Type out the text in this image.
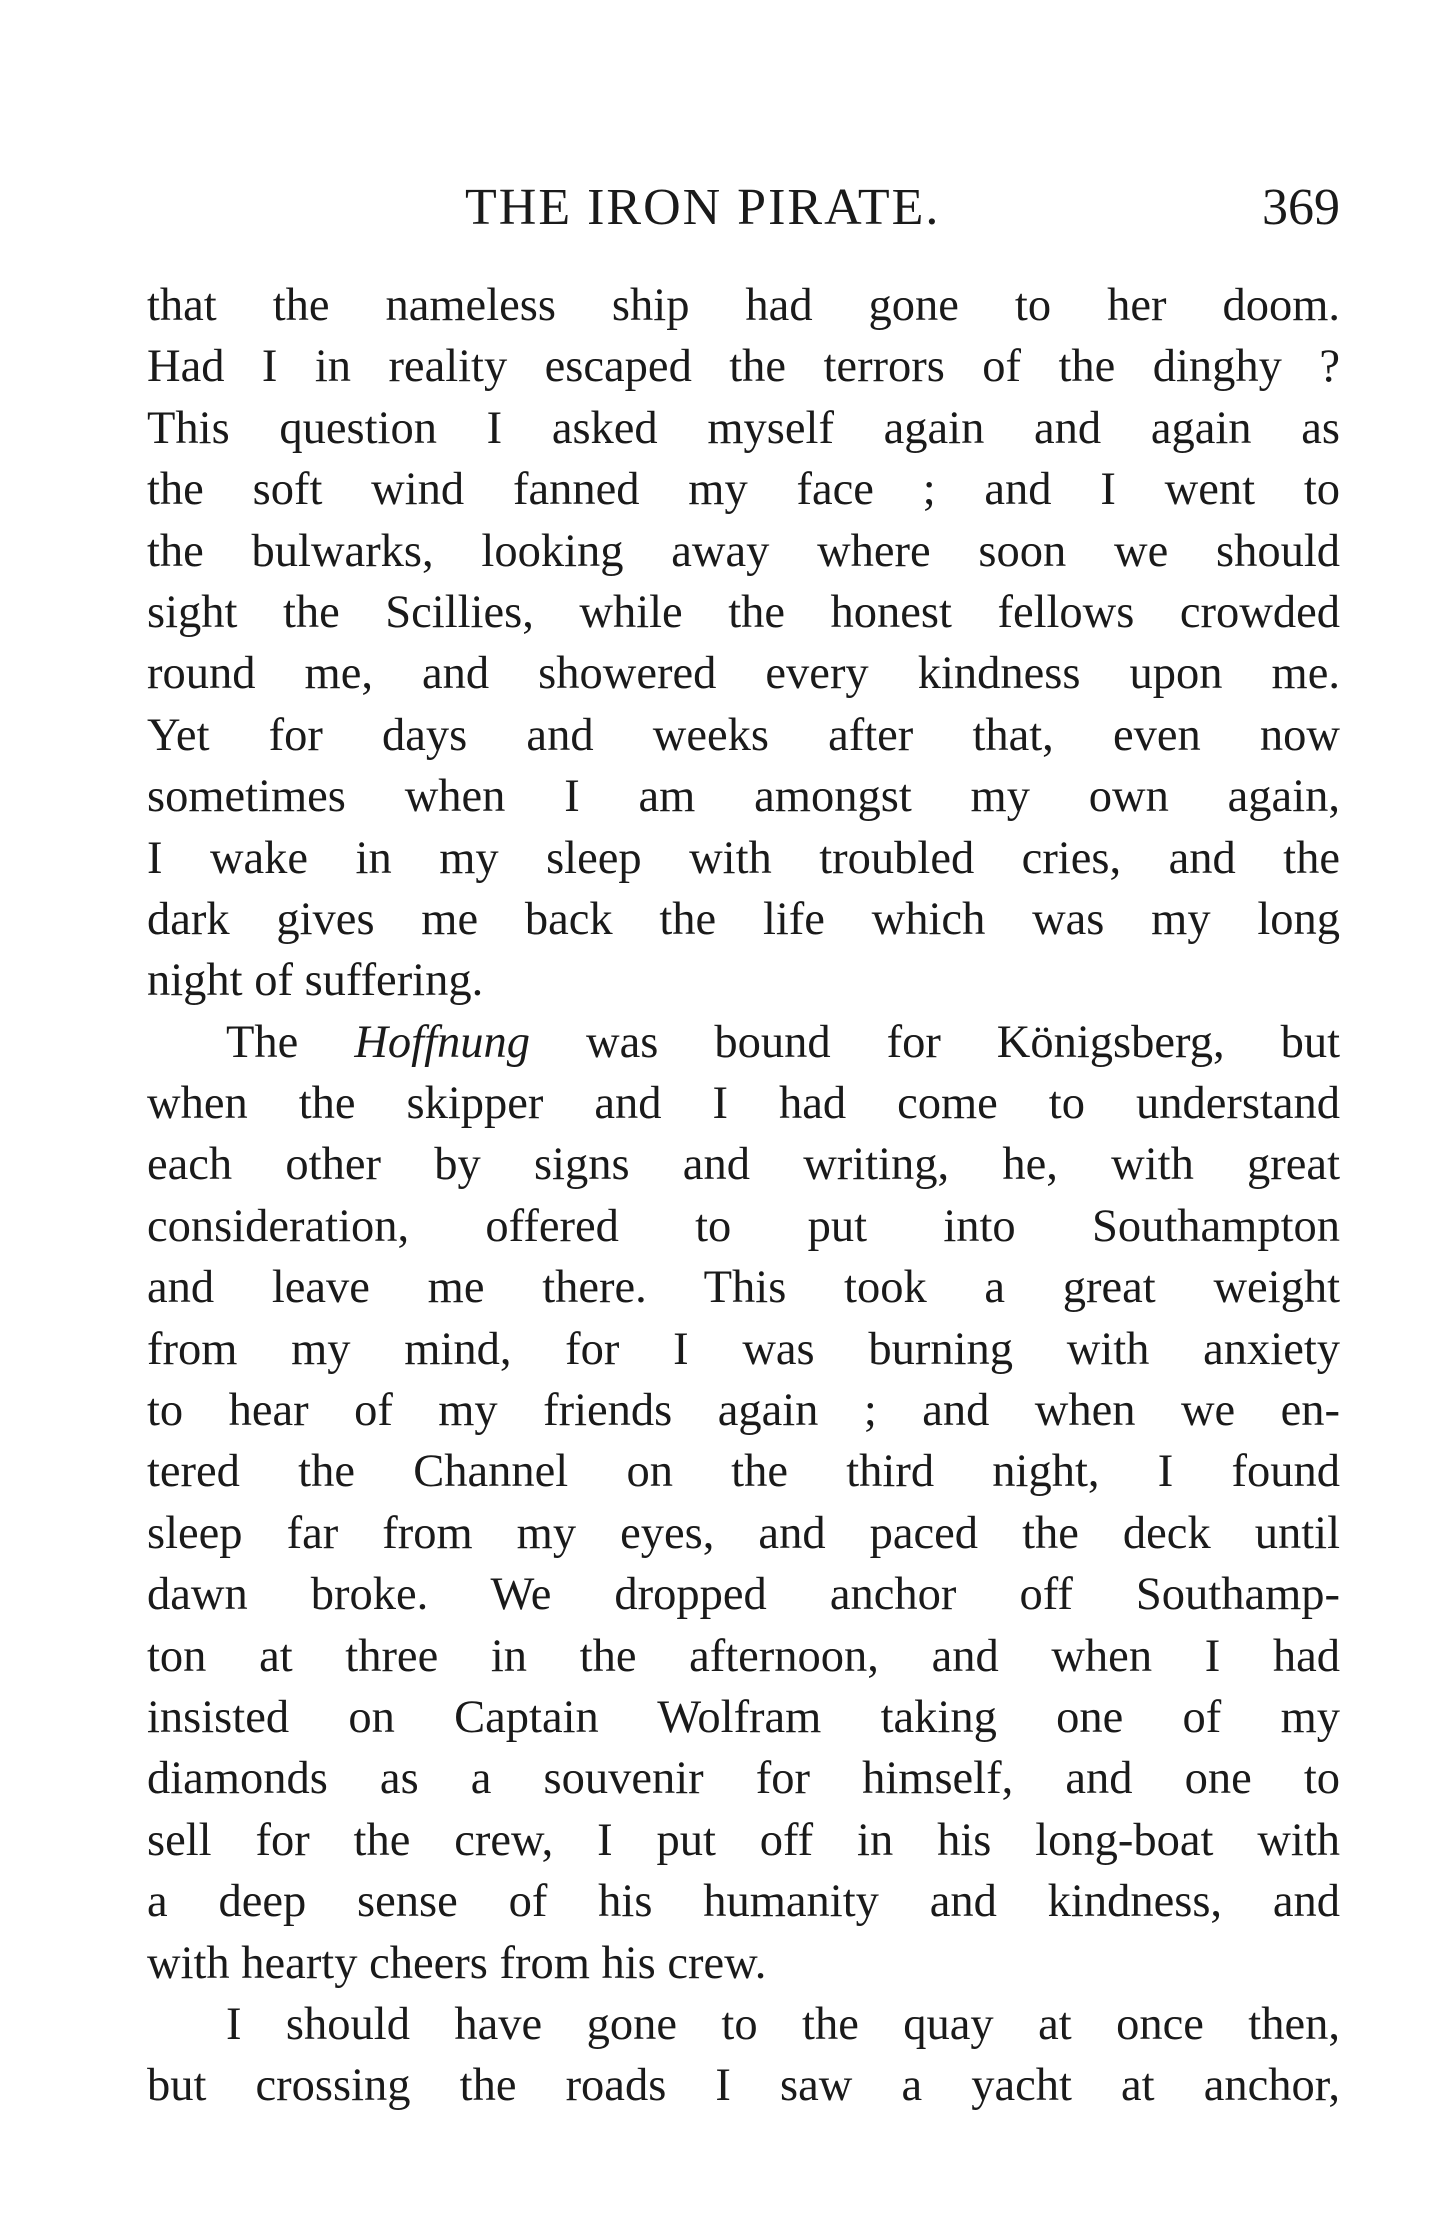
THE IRON PIRATE.	369
that the nameless ship had gone to her doom.
Had I in reality escaped the terrors of the dinghy ?
This question I asked myself again and again as
the soft wind fanned my face ; and I went to
the bulwarks, looking away where soon we should
sight the Scillies, while the honest fellows crowded
round me, and showered every kindness upon me.
Yet for days and weeks after that, even now
sometimes when I am amongst my own again,
I wake in my sleep with troubled cries, and the
dark gives me back the life which was my long
night of suffering.
The Hoffnung was bound for Königsberg, but
when the skipper and I had come to understand
each other by signs and writing, he, with great
consideration, offered to put into Southampton
and leave me there. This took a great weight
from my mind, for I was burning with anxiety
to hear of my friends again ; and when we en-
tered the Channel on the third night, I found
sleep far from my eyes, and paced the deck until
dawn broke. We dropped anchor off Southamp-
ton at three in the afternoon, and when I had
insisted on Captain Wolfram taking one of my
diamonds as a souvenir for himself, and one to
sell for the crew, I put off in his long-boat with
a deep sense of his humanity and kindness, and
with hearty cheers from his crew.
I should have gone to the quay at once then,
but crossing the roads I saw a yacht at anchor,
